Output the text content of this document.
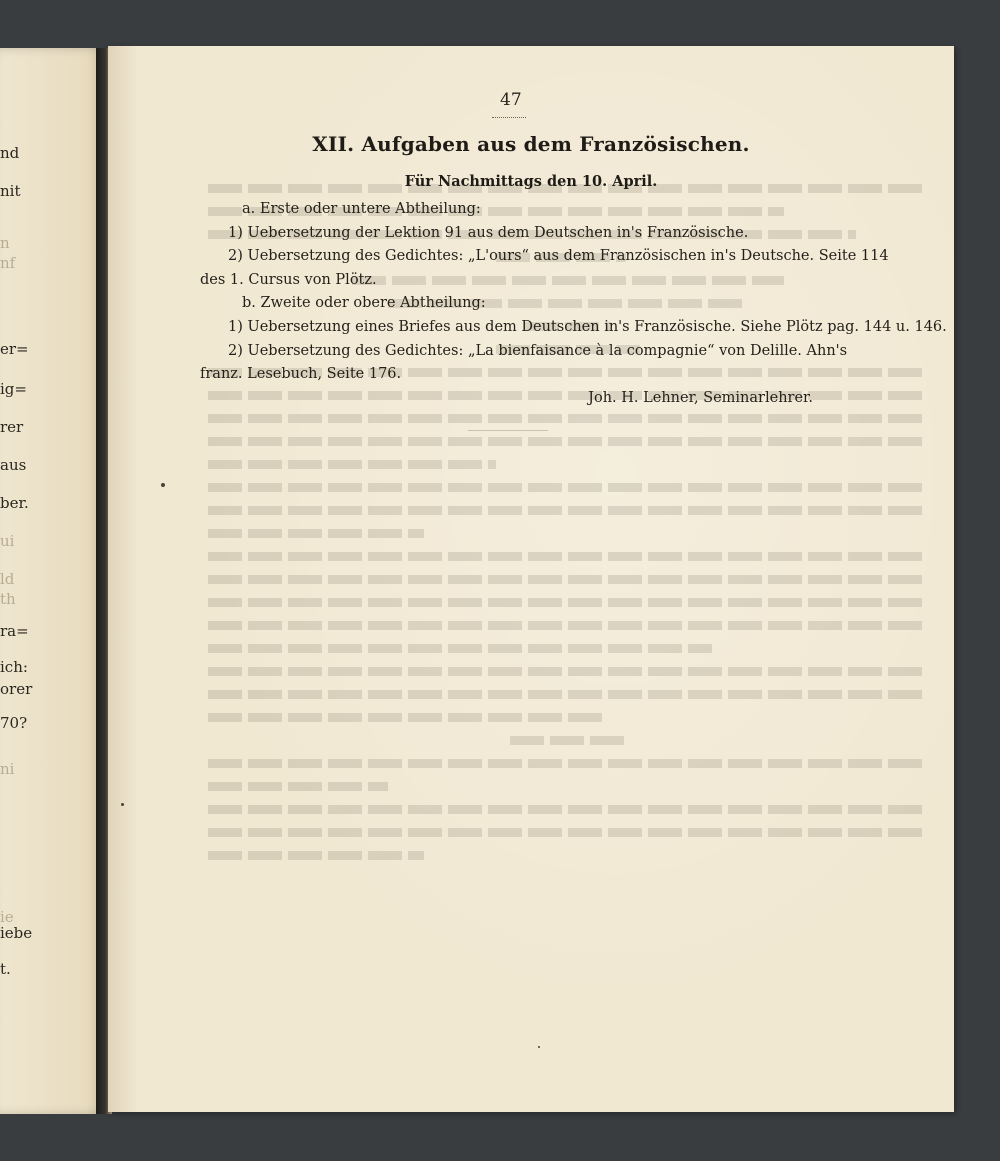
nd
nit
n
nf
er=
ig=
rer
aus
ber.
ui
ld
th
ra=
ich:
orer
70?
ni
ie
iebe
t.
47
XII. Aufgaben aus dem Französischen.
Für Nachmittags den 10. April.
a. Erste oder untere Abtheilung:
1) Uebersetzung der Lektion 91 aus dem Deutschen in's Französische.
2) Uebersetzung des Gedichtes: „L'ours“ aus dem Französischen in's Deutsche. Seite 114
des 1. Cursus von Plötz.
b. Zweite oder obere Abtheilung:
1) Uebersetzung eines Briefes aus dem Deutschen in's Französische. Siehe Plötz pag. 144 u. 146.
2) Uebersetzung des Gedichtes: „La bienfaisance à la compagnie“ von Delille. Ahn's
franz. Lesebuch, Seite 176.
Joh. H. Lehner, Seminarlehrer.
